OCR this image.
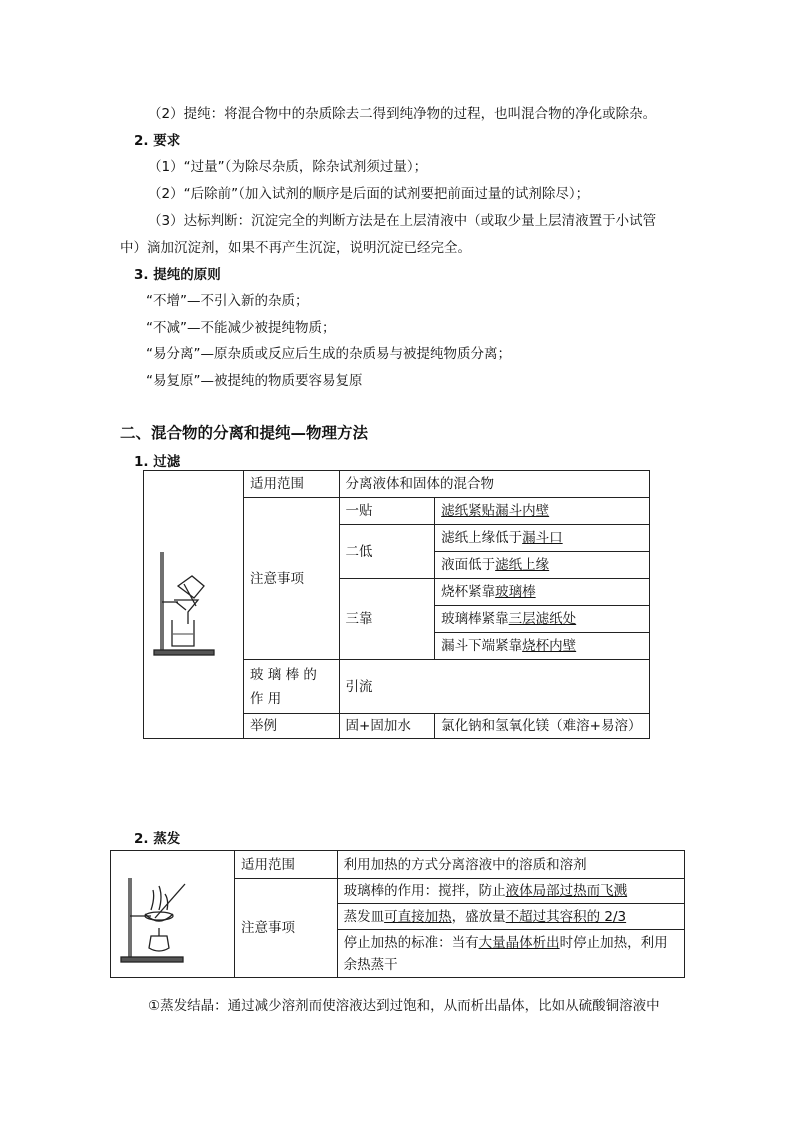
（2）提纯：将混合物中的杂质除去二得到纯净物的过程，也叫混合物的净化或除杂。
2. 要求
（1）“过量”（为除尽杂质，除杂试剂须过量）；
（2）“后除前”（加入试剂的顺序是后面的试剂要把前面过量的试剂除尽）；
（3）达标判断：沉淀完全的判断方法是在上层清液中（或取少量上层清液置于小试管
中）滴加沉淀剂，如果不再产生沉淀，说明沉淀已经完全。
3. 提纯的原则
“不增”—不引入新的杂质；
“不减”—不能减少被提纯物质；
“易分离”—原杂质或反应后生成的杂质易与被提纯物质分离；
“易复原”—被提纯的物质要容易复原
二、混合物的分离和提纯—物理方法
1. 过滤
	适用范围	分离液体和固体的混合物	
	注意事项	一贴	滤纸紧贴漏斗内壁
		二低	滤纸上缘低于漏斗口
			液面低于滤纸上缘
		三靠	烧杯紧靠玻璃棒
			玻璃棒紧靠三层滤纸处
			漏斗下端紧靠烧杯内壁
	玻 璃 棒 的 作 用	引流	
	举例	固+固加水	氯化钠和氢氧化镁（难溶+易溶）
2. 蒸发
	适用范围	利用加热的方式分离溶液中的溶质和溶剂
	注意事项	玻璃棒的作用：搅拌，防止液体局部过热而飞溅
		蒸发皿可直接加热，盛放量不超过其容积的 2/3
		停止加热的标准：当有大量晶体析出时停止加热，利用余热蒸干
①蒸发结晶：通过减少溶剂而使溶液达到过饱和，从而析出晶体，比如从硫酸铜溶液中
